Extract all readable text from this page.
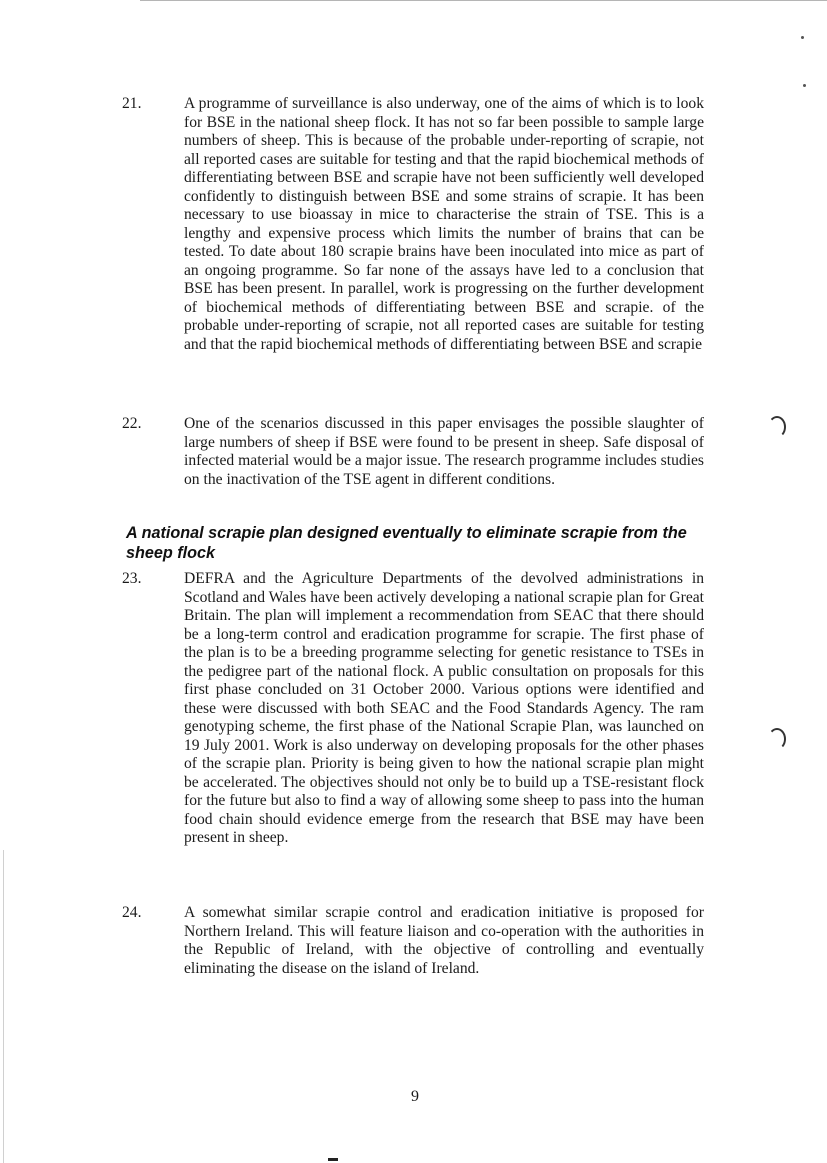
21.	A programme of surveillance is also underway, one of the aims of which is to look for BSE in the national sheep flock. It has not so far been possible to sample large numbers of sheep. This is because of the probable under-reporting of scrapie, not all reported cases are suitable for testing and that the rapid biochemical methods of differentiating between BSE and scrapie have not been sufficiently well developed confidently to distinguish between BSE and some strains of scrapie. It has been necessary to use bioassay in mice to characterise the strain of TSE. This is a lengthy and expensive process which limits the number of brains that can be tested. To date about 180 scrapie brains have been inoculated into mice as part of an ongoing programme. So far none of the assays have led to a conclusion that BSE has been present. In parallel, work is progressing on the further development of biochemical methods of differentiating between BSE and scrapie. of the probable under-reporting of scrapie, not all reported cases are suitable for testing and that the rapid biochemical methods of differentiating between BSE and scrapie
22.	One of the scenarios discussed in this paper envisages the possible slaughter of large numbers of sheep if BSE were found to be present in sheep. Safe disposal of infected material would be a major issue. The research programme includes studies on the inactivation of the TSE agent in different conditions.
A national scrapie plan designed eventually to eliminate scrapie from the sheep flock
23.	DEFRA and the Agriculture Departments of the devolved administrations in Scotland and Wales have been actively developing a national scrapie plan for Great Britain. The plan will implement a recommendation from SEAC that there should be a long-term control and eradication programme for scrapie. The first phase of the plan is to be a breeding programme selecting for genetic resistance to TSEs in the pedigree part of the national flock. A public consultation on proposals for this first phase concluded on 31 October 2000. Various options were identified and these were discussed with both SEAC and the Food Standards Agency. The ram genotyping scheme, the first phase of the National Scrapie Plan, was launched on 19 July 2001. Work is also underway on developing proposals for the other phases of the scrapie plan. Priority is being given to how the national scrapie plan might be accelerated. The objectives should not only be to build up a TSE-resistant flock for the future but also to find a way of allowing some sheep to pass into the human food chain should evidence emerge from the research that BSE may have been present in sheep.
24.	A somewhat similar scrapie control and eradication initiative is proposed for Northern Ireland. This will feature liaison and co-operation with the authorities in the Republic of Ireland, with the objective of controlling and eventually eliminating the disease on the island of Ireland.
9
